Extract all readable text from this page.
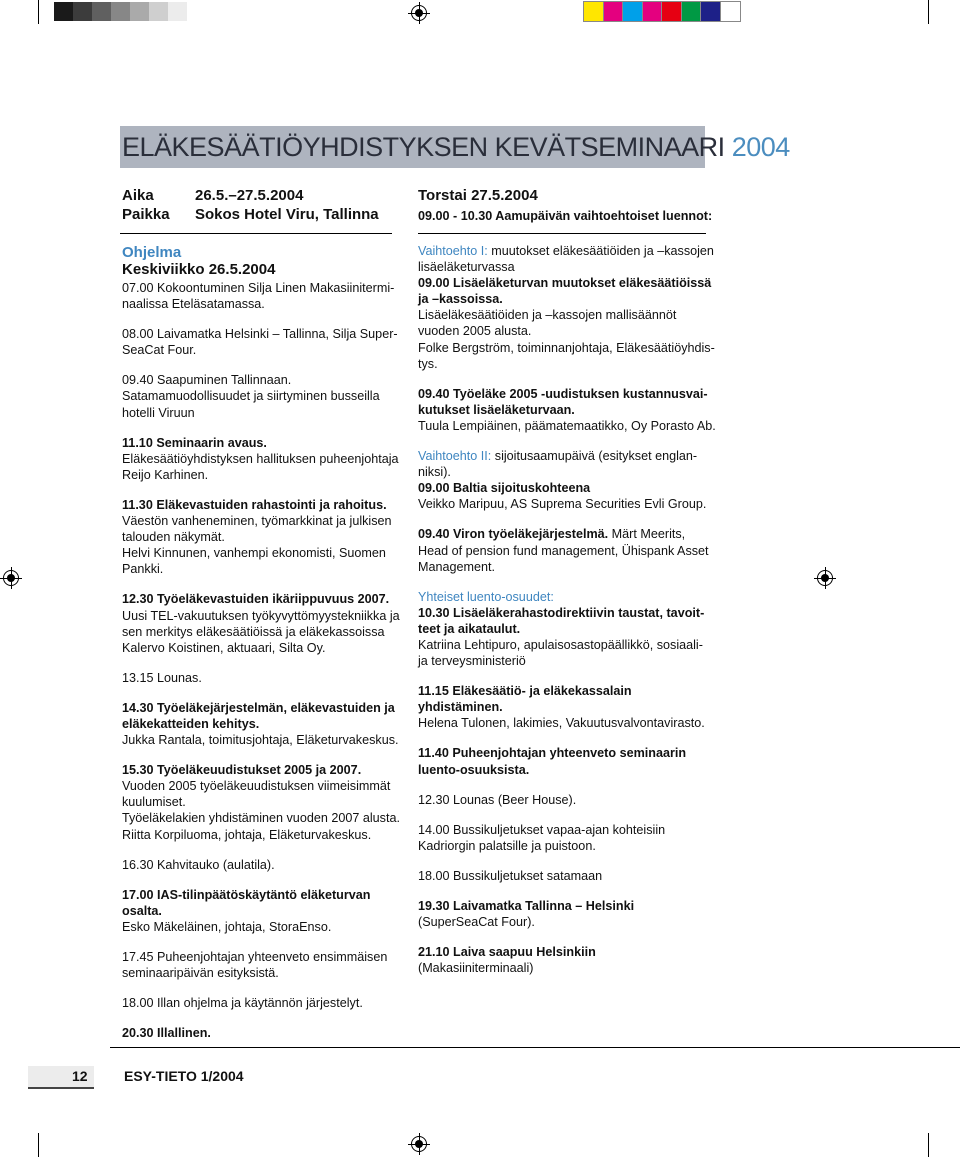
ELÄKESÄÄTIÖYHDISTYKSEN KEVÄTSEMINAARI 2004
Aika	26.5.–27.5.2004
Paikka Sokos Hotel Viru, Tallinna
Torstai 27.5.2004
09.00 - 10.30 Aamupäivän vaihtoehtoiset luennot:
Ohjelma
Keskiviikko 26.5.2004

07.00 Kokoontuminen Silja Linen Makasiinitermi-
naalissa Eteläsatamassa.

08.00 Laivamatka Helsinki – Tallinna, Silja Super-
SeaCat Four.

09.40 Saapuminen Tallinnaan.
Satamamuodollisuudet ja siirtyminen busseilla
hotelli Viruun

11.10 Seminaarin avaus.
Eläkesäätiöyhdistyksen hallituksen puheenjohtaja
Reijo Karhinen.

11.30 Eläkevastuiden rahastointi ja rahoitus.
Väestön vanheneminen, työmarkkinat ja julkisen
talouden näkymät.
Helvi Kinnunen, vanhempi ekonomisti, Suomen
Pankki.

12.30 Työeläkevastuiden ikäriippuvuus 2007.
Uusi TEL-vakuutuksen työkyvyttömyystekniikka ja
sen merkitys eläkesäätiöissä ja eläkekassoissa
Kalervo Koistinen, aktuaari, Silta Oy.

13.15 Lounas.

14.30 Työeläkejärjestelmän, eläkevastuiden ja
eläkekatteiden kehitys.
Jukka Rantala, toimitusjohtaja, Eläketurvakeskus.

15.30 Työeläkeuudistukset 2005 ja 2007.
Vuoden 2005 työeläkeuudistuksen viimeisimmät
kuulumiset.
Työeläkelakien yhdistäminen vuoden 2007 alusta.
Riitta Korpiluoma, johtaja, Eläketurvakeskus.

16.30 Kahvitauko (aulatila).

17.00 IAS-tilinpäätöskäytäntö eläketurvan
osalta.
Esko Mäkeläinen, johtaja, StoraEnso.

17.45 Puheenjohtajan yhteenveto ensimmäisen
seminaaripäivän esityksistä.

18.00 Illan ohjelma ja käytännön järjestelyt.

20.30 Illallinen.

Vaihtoehto I: muutokset eläkesäätiöiden ja –kassojen
lisäeläketurvassa
09.00 Lisäeläketurvan muutokset eläkesäätiöissä
ja –kassoissa.
Lisäeläkesäätiöiden ja –kassojen mallisäännöt
vuoden 2005 alusta.
Folke Bergström, toiminnanjohtaja, Eläkesäätiöyhdis-
tys.

09.40 Työeläke 2005 -uudistuksen kustannusvai-
kutukset lisäeläketurvaan.
Tuula Lempiäinen, päämatemaatikko, Oy Porasto Ab.

Vaihtoehto II: sijoitusaamupäivä (esitykset englan-
niksi).
09.00 Baltia sijoituskohteena
Veikko Maripuu, AS Suprema Securities Evli Group.

09.40 Viron työeläkejärjestelmä. Märt Meerits,
Head of pension fund management, Ühispank Asset
Management.

Yhteiset luento-osuudet:
10.30 Lisäeläkerahastodirektiivin taustat, tavoit-
teet ja aikataulut.
Katriina Lehtipuro, apulaisosastopäällikkö, sosiaali-
ja terveysministeriö

11.15 Eläkesäätiö- ja eläkekassalain yhdistäminen.
Helena Tulonen, lakimies, Vakuutusvalvontavirasto.

11.40 Puheenjohtajan yhteenveto seminaarin
luento-osuuksista.

12.30 Lounas (Beer House).

14.00 Bussikuljetukset vapaa-ajan kohteisiin
Kadriorgin palatsille ja puistoon.

18.00 Bussikuljetukset satamaan

19.30 Laivamatka Tallinna – Helsinki
(SuperSeaCat Four).

21.10 Laiva saapuu Helsinkiin
(Makasiiniterminaali)

12	ESY-TIETO 1/2004
